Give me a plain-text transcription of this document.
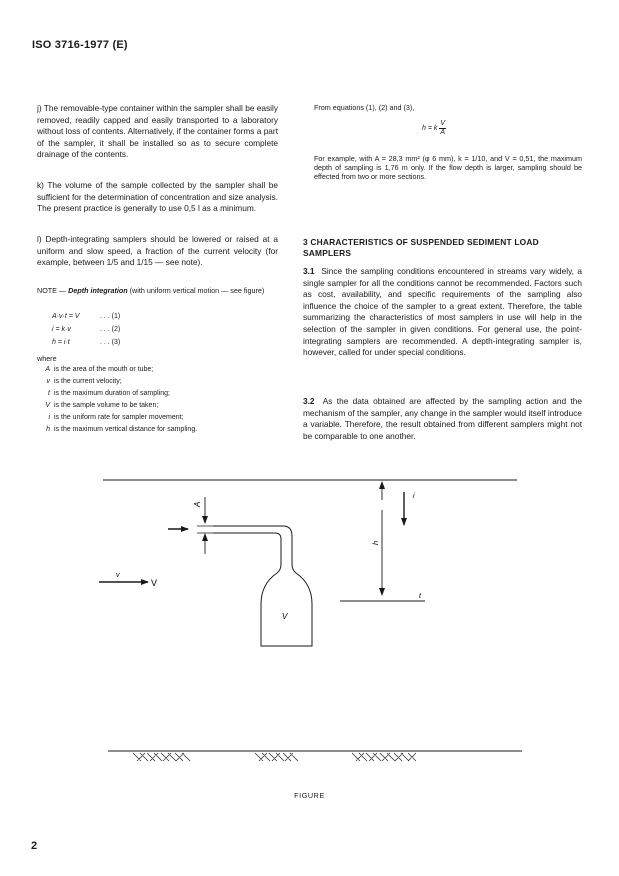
ISO 3716-1977 (E)

j) The removable-type container within the sampler shall be easily removed, readily capped and easily transported to a laboratory without loss of contents. Alternatively, if the container forms a part of the sampler, it shall be installed so as to secure complete drainage of the contents.

k) The volume of the sample collected by the sampler shall be sufficient for the determination of concentration and size analysis. The present practice is generally to use 0,5 l as a minimum.

l) Depth-integrating samplers should be lowered or raised at a uniform and slow speed, a fraction of the current velocity (for example, between 1/5 and 1/15 — see note).

NOTE — Depth integration (with uniform vertical motion — see figure)
A·v·t = V	. . . (1)
i = k·v	. . . (2)
h = i·t	. . . (3)
where
A is the area of the mouth or tube;
v is the current velocity;
t is the maximum duration of sampling;
V is the sample volume to be taken;
i is the uniform rate for sampler movement;
h is the maximum vertical distance for sampling.
From equations (1), (2) and (3),
h = k $\frac{V}{A}$
For example, with A = 28,3 mm² (φ 6 mm), k = 1/10, and V = 0,51, the maximum depth of sampling is 1,76 m only. If the flow depth is larger, sampling should be effected from two or more sections.
3 CHARACTERISTICS OF SUSPENDED SEDIMENT LOAD SAMPLERS

3.1 Since the sampling conditions encountered in streams vary widely, a single sampler for all the conditions cannot be recommended. Factors such as cost, availability, and specific requirements of the sampling also influence the choice of the sampler to a great extent. Therefore, the table summarizing the characteristics of most samplers in use will help in the selection of the sampler in given conditions. For general use, the point-integrating samplers are recommended. A depth-integrating sampler is, however, called for under special conditions.

3.2 As the data obtained are affected by the sampling action and the mechanism of the sampler, any change in the sampler would itself introduce a variable. Therefore, the result obtained from different samplers might not be comparable to one another.

A
V
v
V
h
t
i
FIGURE
2
